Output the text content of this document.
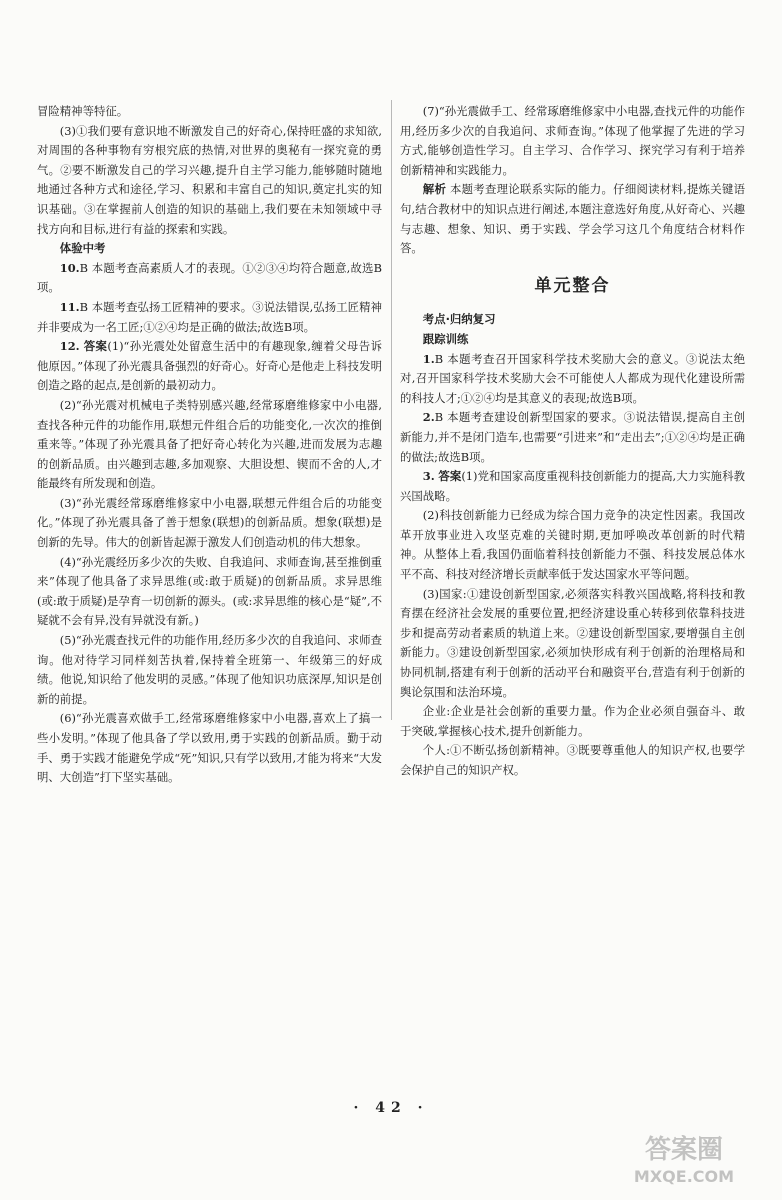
冒险精神等特征。

(3)①我们要有意识地不断激发自己的好奇心,保持旺盛的求知欲,对周围的各种事物有穷根究底的热情,对世界的奥秘有一探究竟的勇气。②要不断激发自己的学习兴趣,提升自主学习能力,能够随时随地地通过各种方式和途径,学习、积累和丰富自己的知识,奠定扎实的知识基础。③在掌握前人创造的知识的基础上,我们要在未知领域中寻找方向和目标,进行有益的探索和实践。

体验中考

10.B 本题考查高素质人才的表现。①②③④均符合题意,故选B项。

11.B 本题考查弘扬工匠精神的要求。③说法错误,弘扬工匠精神并非要成为一名工匠;①②④均是正确的做法;故选B项。

12. 答案(1)“孙光震处处留意生活中的有趣现象,缠着父母告诉他原因。”体现了孙光震具备强烈的好奇心。好奇心是他走上科技发明创造之路的起点,是创新的最初动力。

(2)“孙光震对机械电子类特别感兴趣,经常琢磨维修家中小电器,查找各种元件的功能作用,联想元件组合后的功能变化,一次次的推倒重来等。”体现了孙光震具备了把好奇心转化为兴趣,进而发展为志趣的创新品质。由兴趣到志趣,多加观察、大胆设想、锲而不舍的人,才能最终有所发现和创造。

(3)“孙光震经常琢磨维修家中小电器,联想元件组合后的功能变化。”体现了孙光震具备了善于想象(联想)的创新品质。想象(联想)是创新的先导。伟大的创新皆起源于激发人们创造动机的伟大想象。

(4)“孙光震经历多少次的失败、自我追问、求师查询,甚至推倒重来”体现了他具备了求异思维(或:敢于质疑)的创新品质。求异思维(或:敢于质疑)是孕育一切创新的源头。(或:求异思维的核心是“疑”,不疑就不会有异,没有异就没有新。)

(5)“孙光震查找元件的功能作用,经历多少次的自我追问、求师查询。他对待学习同样刻苦执着,保持着全班第一、年级第三的好成绩。他说,知识给了他发明的灵感。”体现了他知识功底深厚,知识是创新的前提。

(6)“孙光震喜欢做手工,经常琢磨维修家中小电器,喜欢上了搞一些小发明。”体现了他具备了学以致用,勇于实践的创新品质。勤于动手、勇于实践才能避免学成“死”知识,只有学以致用,才能为将来“大发明、大创造”打下坚实基础。

(7)“孙光震做手工、经常琢磨维修家中小电器,查找元件的功能作用,经历多少次的自我追问、求师查询。”体现了他掌握了先进的学习方式,能够创造性学习。自主学习、合作学习、探究学习有利于培养创新精神和实践能力。

解析 本题考查理论联系实际的能力。仔细阅读材料,提炼关键语句,结合教材中的知识点进行阐述,本题注意选好角度,从好奇心、兴趣与志趣、想象、知识、勇于实践、学会学习这几个角度结合材料作答。

单元整合

考点·归纳复习

跟踪训练

1.B 本题考查召开国家科学技术奖励大会的意义。③说法太绝对,召开国家科学技术奖励大会不可能使人人都成为现代化建设所需的科技人才;①②④均是其意义的表现;故选B项。

2.B 本题考查建设创新型国家的要求。③说法错误,提高自主创新能力,并不是闭门造车,也需要“引进来”和“走出去”;①②④均是正确的做法;故选B项。

3. 答案(1)党和国家高度重视科技创新能力的提高,大力实施科教兴国战略。

(2)科技创新能力已经成为综合国力竞争的决定性因素。我国改革开放事业进入攻坚克难的关键时期,更加呼唤改革创新的时代精神。从整体上看,我国仍面临着科技创新能力不强、科技发展总体水平不高、科技对经济增长贡献率低于发达国家水平等问题。

(3)国家:①建设创新型国家,必须落实科教兴国战略,将科技和教育摆在经济社会发展的重要位置,把经济建设重心转移到依靠科技进步和提高劳动者素质的轨道上来。②建设创新型国家,要增强自主创新能力。③建设创新型国家,必须加快形成有利于创新的治理格局和协同机制,搭建有利于创新的活动平台和融资平台,营造有利于创新的舆论氛围和法治环境。

企业:企业是社会创新的重要力量。作为企业必须自强奋斗、敢于突破,掌握核心技术,提升创新能力。

个人:①不断弘扬创新精神。③既要尊重他人的知识产权,也要学会保护自己的知识产权。

· 42 ·
答案圈
MXQE.COM
